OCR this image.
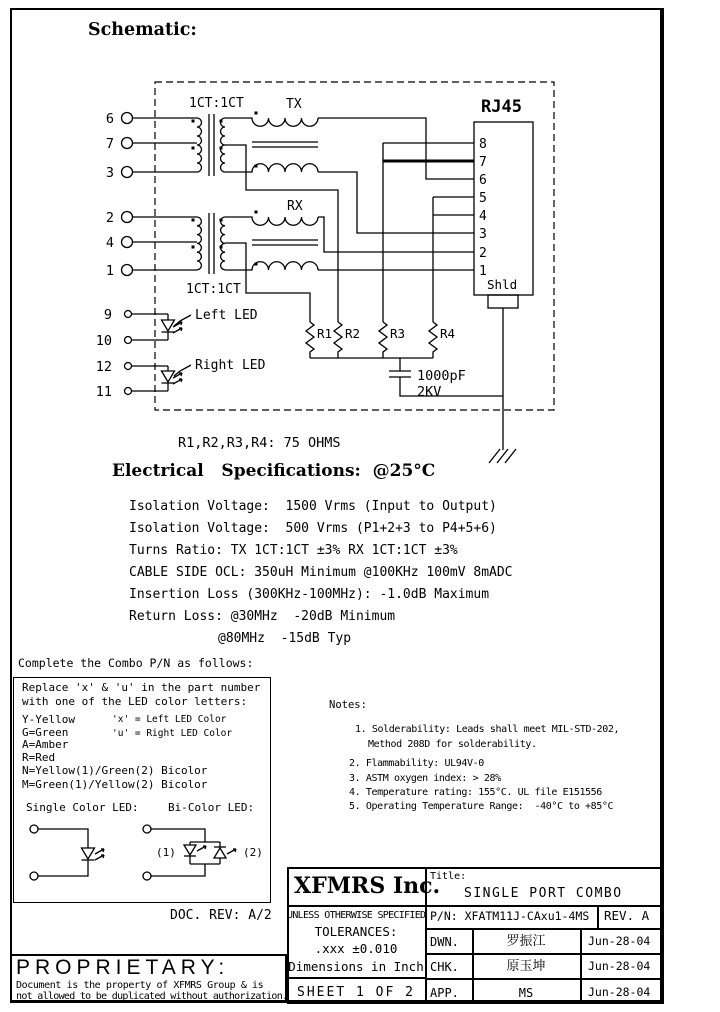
6
7
3
2
4
1
9
10
12
11
1CT:1CT
1CT:1CT
TX
RX
Left LED
Right LED
Shld
R1 R2 R3	R4
1000pF
2KV
RJ45
8
7
6
5
4
3
2
1
(1)	(2)
Schematic:
R1,R2,R3,R4: 75 OHMS
Electrical   Specifications:  @25°C
Isolation Voltage:  1500 Vrms (Input to Output)
Isolation Voltage:  500 Vrms (P1+2+3 to P4+5+6)
Turns Ratio: TX 1CT:1CT ±3% RX 1CT:1CT ±3%
CABLE SIDE OCL: 350uH Minimum @100KHz 100mV 8mADC
Insertion Loss (300KHz-100MHz): -1.0dB Maximum
Return Loss: @30MHz  -20dB Minimum
@80MHz  -15dB Typ
Complete the Combo P/N as follows:
Replace 'x' & 'u' in the part number
with one of the LED color letters:
Y-Yellow
G=Green
A=Amber
R=Red
N=Yellow(1)/Green(2) Bicolor
M=Green(1)/Yellow(2) Bicolor
'x' = Left LED Color
'u' = Right LED Color
Single Color LED:	Bi-Color LED:
DOC. REV: A/2
Notes:
1. Solderability: Leads shall meet MIL-STD-202,
Method 208D for solderability.
2. Flammability: UL94V-0
3. ASTM oxygen index: > 28%
4. Temperature rating: 155°C. UL file E151556
5. Operating Temperature Range:  -40°C to +85°C
XFMRS Inc.
Title:
SINGLE PORT COMBO
P/N: XFATM11J-CAxu1-4MS REV. A
UNLESS OTHERWISE SPECIFIED
TOLERANCES:
.xxx ±0.010
Dimensions in Inch
SHEET 1 OF 2
DWN.	罗振江	Jun-28-04
CHK.	原玉坤	Jun-28-04
APP.	MS	Jun-28-04
PROPRIETARY:
Document is the property of XFMRS Group & is
not allowed to be duplicated without authorization.
